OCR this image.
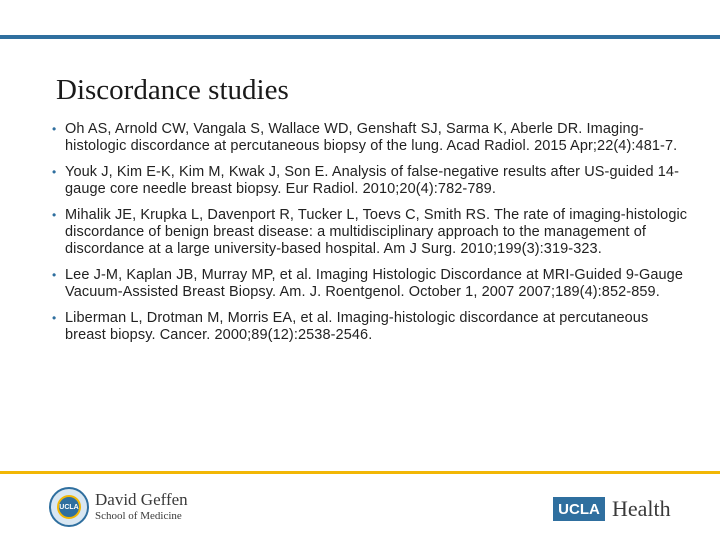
Discordance studies
• Oh AS, Arnold CW, Vangala S, Wallace WD, Genshaft SJ, Sarma K, Aberle DR. Imaging-histologic discordance at percutaneous biopsy of the lung. Acad Radiol. 2015 Apr;22(4):481-7.
• Youk J, Kim E-K, Kim M, Kwak J, Son E. Analysis of false-negative results after US-guided 14-gauge core needle breast biopsy. Eur Radiol. 2010;20(4):782-789.
• Mihalik JE, Krupka L, Davenport R, Tucker L, Toevs C, Smith RS. The rate of imaging-histologic discordance of benign breast disease: a multidisciplinary approach to the management of discordance at a large university-based hospital. Am J Surg. 2010;199(3):319-323.
• Lee J-M, Kaplan JB, Murray MP, et al. Imaging Histologic Discordance at MRI-Guided 9-Gauge Vacuum-Assisted Breast Biopsy. Am. J. Roentgenol. October 1, 2007 2007;189(4):852-859.
• Liberman L, Drotman M, Morris EA, et al. Imaging-histologic discordance at percutaneous breast biopsy. Cancer. 2000;89(12):2538-2546.
UCLA David Geffen
School of Medicine	UCLA Health
